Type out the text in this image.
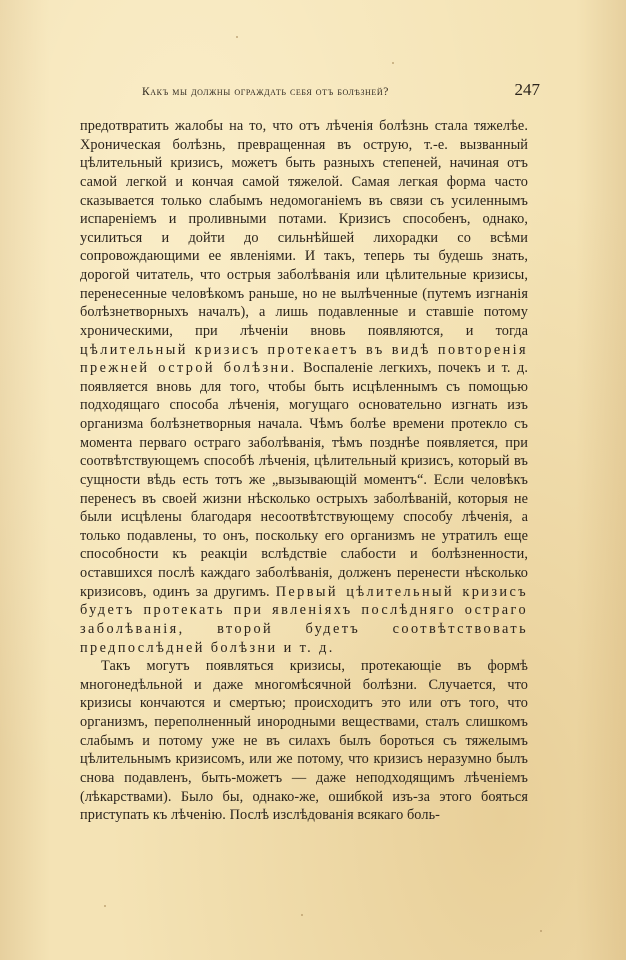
Какъ мы должны ограждать себя отъ болѣзней?	247

предотвратить жалобы на то, что отъ лѣченія болѣзнь стала тяжелѣе. Хроническая болѣзнь, превращенная въ острую, т.-е. вызванный цѣлительный кризисъ, можетъ быть разныхъ степеней, начиная отъ самой легкой и кончая самой тяжелой. Самая легкая форма часто сказывается только слабымъ недомоганіемъ въ связи съ усиленнымъ испареніемъ и проливными потами. Кризисъ способенъ, однако, усилиться и дойти до сильнѣйшей лихорадки со всѣми сопровождающими ее явленіями. И такъ, теперь ты будешь знать, дорогой читатель, что острыя заболѣванія или цѣлительные кризисы, перенесенные человѣкомъ раньше, но не вылѣченные (путемъ изгнанія болѣзнетворныхъ началъ), а лишь подавленные и ставшіе потому хроническими, при лѣченіи вновь появляются, и тогда цѣлительный кризисъ протекаетъ въ видѣ повторенія прежней острой болѣзни. Воспаленіе легкихъ, почекъ и т. д. появляется вновь для того, чтобы быть исцѣленнымъ съ помощью подходящаго способа лѣченія, могущаго основательно изгнать изъ организма болѣзнетворныя начала. Чѣмъ болѣе времени протекло съ момента перваго остраго заболѣванія, тѣмъ позднѣе появляется, при соотвѣтствующемъ способѣ лѣченія, цѣлительный кризисъ, который въ сущности вѣдь есть тотъ же „вызывающій моментъ“. Если человѣкъ перенесъ въ своей жизни нѣсколько острыхъ заболѣваній, которыя не были исцѣлены благодаря несоотвѣтствующему способу лѣченія, а только подавлены, то онъ, поскольку его организмъ не утратилъ еще способности къ реакціи вслѣдствіе слабости и болѣзненности, оставшихся послѣ каждаго заболѣванія, долженъ перенести нѣсколько кризисовъ, одинъ за другимъ. Первый цѣлительный кризисъ будетъ протекать при явленіяхъ послѣдняго остраго заболѣванія, второй будетъ соотвѣтствовать предпослѣдней болѣзни и т. д.

Такъ могутъ появляться кризисы, протекающіе въ формѣ многонедѣльной и даже многомѣсячной болѣзни. Случается, что кризисы кончаются и смертью; происходитъ это или отъ того, что организмъ, переполненный инородными веществами, сталъ слишкомъ слабымъ и потому уже не въ силахъ былъ бороться съ тяжелымъ цѣлительнымъ кризисомъ, или же потому, что кризисъ неразумно былъ снова подавленъ, быть-можетъ — даже неподходящимъ лѣченіемъ (лѣкарствами). Было бы, однако-же, ошибкой изъ-за этого бояться приступать къ лѣченію. Послѣ изслѣдованія всякаго боль-
